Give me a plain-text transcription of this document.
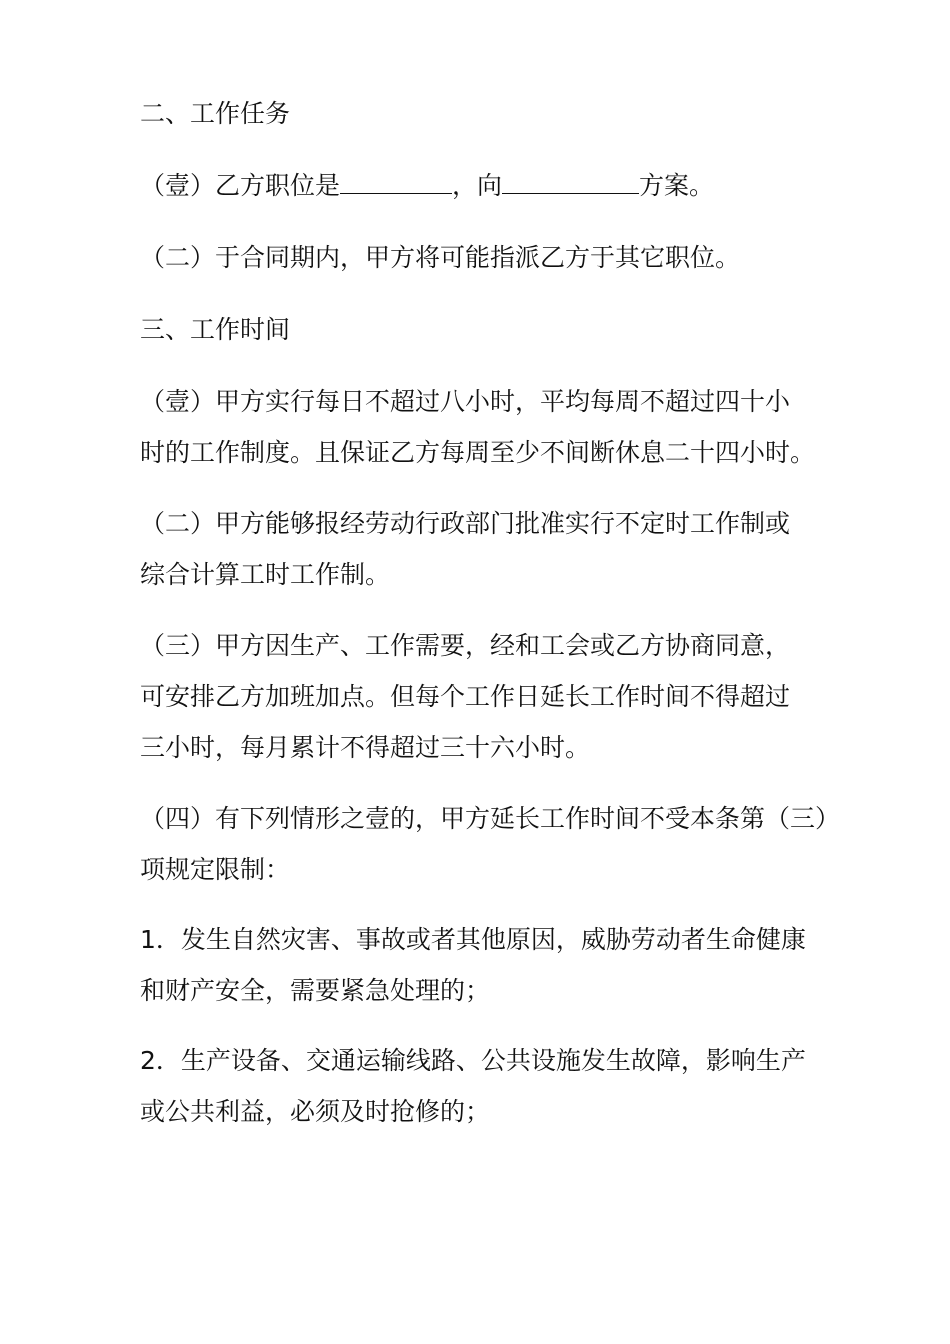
二、工作任务

（壹）乙方职位是	，向	方案。

（二）于合同期内，甲方将可能指派乙方于其它职位。

三、工作时间

（壹）甲方实行每日不超过八小时，平均每周不超过四十小
时的工作制度。且保证乙方每周至少不间断休息二十四小时。

（二）甲方能够报经劳动行政部门批准实行不定时工作制或
综合计算工时工作制。

（三）甲方因生产、工作需要，经和工会或乙方协商同意，
可安排乙方加班加点。但每个工作日延长工作时间不得超过
三小时，每月累计不得超过三十六小时。

（四）有下列情形之壹的，甲方延长工作时间不受本条第（三）
项规定限制：

1．发生自然灾害、事故或者其他原因，威胁劳动者生命健康
和财产安全，需要紧急处理的；

2．生产设备、交通运输线路、公共设施发生故障，影响生产
或公共利益，必须及时抢修的；
